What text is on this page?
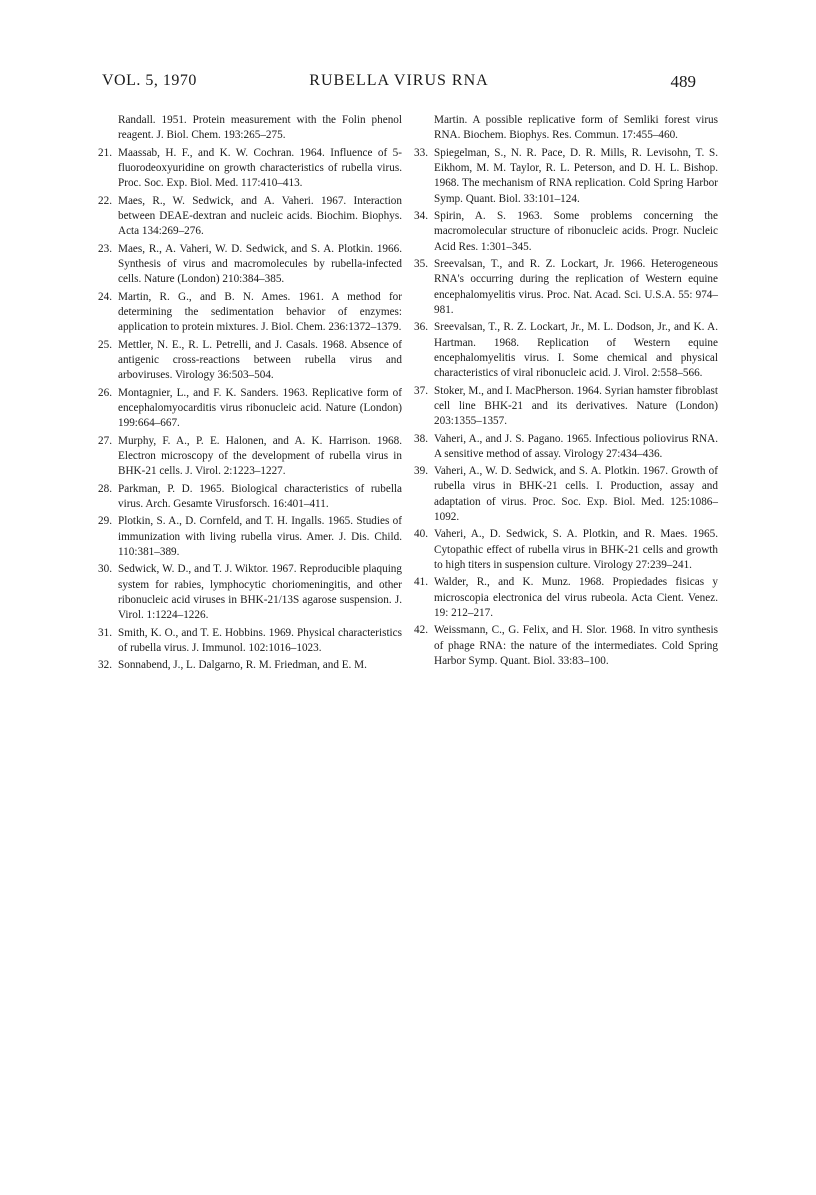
VOL. 5, 1970	RUBELLA VIRUS RNA	489
Randall. 1951. Protein measurement with the Folin phenol reagent. J. Biol. Chem. 193:265–275.
21. Maassab, H. F., and K. W. Cochran. 1964. Influence of 5-fluorodeoxyuridine on growth characteristics of rubella virus. Proc. Soc. Exp. Biol. Med. 117:410–413.
22. Maes, R., W. Sedwick, and A. Vaheri. 1967. Interaction between DEAE-dextran and nucleic acids. Biochim. Biophys. Acta 134:269–276.
23. Maes, R., A. Vaheri, W. D. Sedwick, and S. A. Plotkin. 1966. Synthesis of virus and macromolecules by rubella-infected cells. Nature (London) 210:384–385.
24. Martin, R. G., and B. N. Ames. 1961. A method for determining the sedimentation behavior of enzymes: application to protein mixtures. J. Biol. Chem. 236:1372–1379.
25. Mettler, N. E., R. L. Petrelli, and J. Casals. 1968. Absence of antigenic cross-reactions between rubella virus and arboviruses. Virology 36:503–504.
26. Montagnier, L., and F. K. Sanders. 1963. Replicative form of encephalomyocarditis virus ribonucleic acid. Nature (London) 199:664–667.
27. Murphy, F. A., P. E. Halonen, and A. K. Harrison. 1968. Electron microscopy of the development of rubella virus in BHK-21 cells. J. Virol. 2:1223–1227.
28. Parkman, P. D. 1965. Biological characteristics of rubella virus. Arch. Gesamte Virusforsch. 16:401–411.
29. Plotkin, S. A., D. Cornfeld, and T. H. Ingalls. 1965. Studies of immunization with living rubella virus. Amer. J. Dis. Child. 110:381–389.
30. Sedwick, W. D., and T. J. Wiktor. 1967. Reproducible plaquing system for rabies, lymphocytic choriomeningitis, and other ribonucleic acid viruses in BHK-21/13S agarose suspension. J. Virol. 1:1224–1226.
31. Smith, K. O., and T. E. Hobbins. 1969. Physical characteristics of rubella virus. J. Immunol. 102:1016–1023.
32. Sonnabend, J., L. Dalgarno, R. M. Friedman, and E. M.
Martin. A possible replicative form of Semliki forest virus RNA. Biochem. Biophys. Res. Commun. 17:455–460.
33. Spiegelman, S., N. R. Pace, D. R. Mills, R. Levisohn, T. S. Eikhom, M. M. Taylor, R. L. Peterson, and D. H. L. Bishop. 1968. The mechanism of RNA replication. Cold Spring Harbor Symp. Quant. Biol. 33:101–124.
34. Spirin, A. S. 1963. Some problems concerning the macromolecular structure of ribonucleic acids. Progr. Nucleic Acid Res. 1:301–345.
35. Sreevalsan, T., and R. Z. Lockart, Jr. 1966. Heterogeneous RNA's occurring during the replication of Western equine encephalomyelitis virus. Proc. Nat. Acad. Sci. U.S.A. 55: 974–981.
36. Sreevalsan, T., R. Z. Lockart, Jr., M. L. Dodson, Jr., and K. A. Hartman. 1968. Replication of Western equine encephalomyelitis virus. I. Some chemical and physical characteristics of viral ribonucleic acid. J. Virol. 2:558–566.
37. Stoker, M., and I. MacPherson. 1964. Syrian hamster fibroblast cell line BHK-21 and its derivatives. Nature (London) 203:1355–1357.
38. Vaheri, A., and J. S. Pagano. 1965. Infectious poliovirus RNA. A sensitive method of assay. Virology 27:434–436.
39. Vaheri, A., W. D. Sedwick, and S. A. Plotkin. 1967. Growth of rubella virus in BHK-21 cells. I. Production, assay and adaptation of virus. Proc. Soc. Exp. Biol. Med. 125:1086–1092.
40. Vaheri, A., D. Sedwick, S. A. Plotkin, and R. Maes. 1965. Cytopathic effect of rubella virus in BHK-21 cells and growth to high titers in suspension culture. Virology 27:239–241.
41. Walder, R., and K. Munz. 1968. Propiedades fisicas y microscopia electronica del virus rubeola. Acta Cient. Venez. 19: 212–217.
42. Weissmann, C., G. Felix, and H. Slor. 1968. In vitro synthesis of phage RNA: the nature of the intermediates. Cold Spring Harbor Symp. Quant. Biol. 33:83–100.
